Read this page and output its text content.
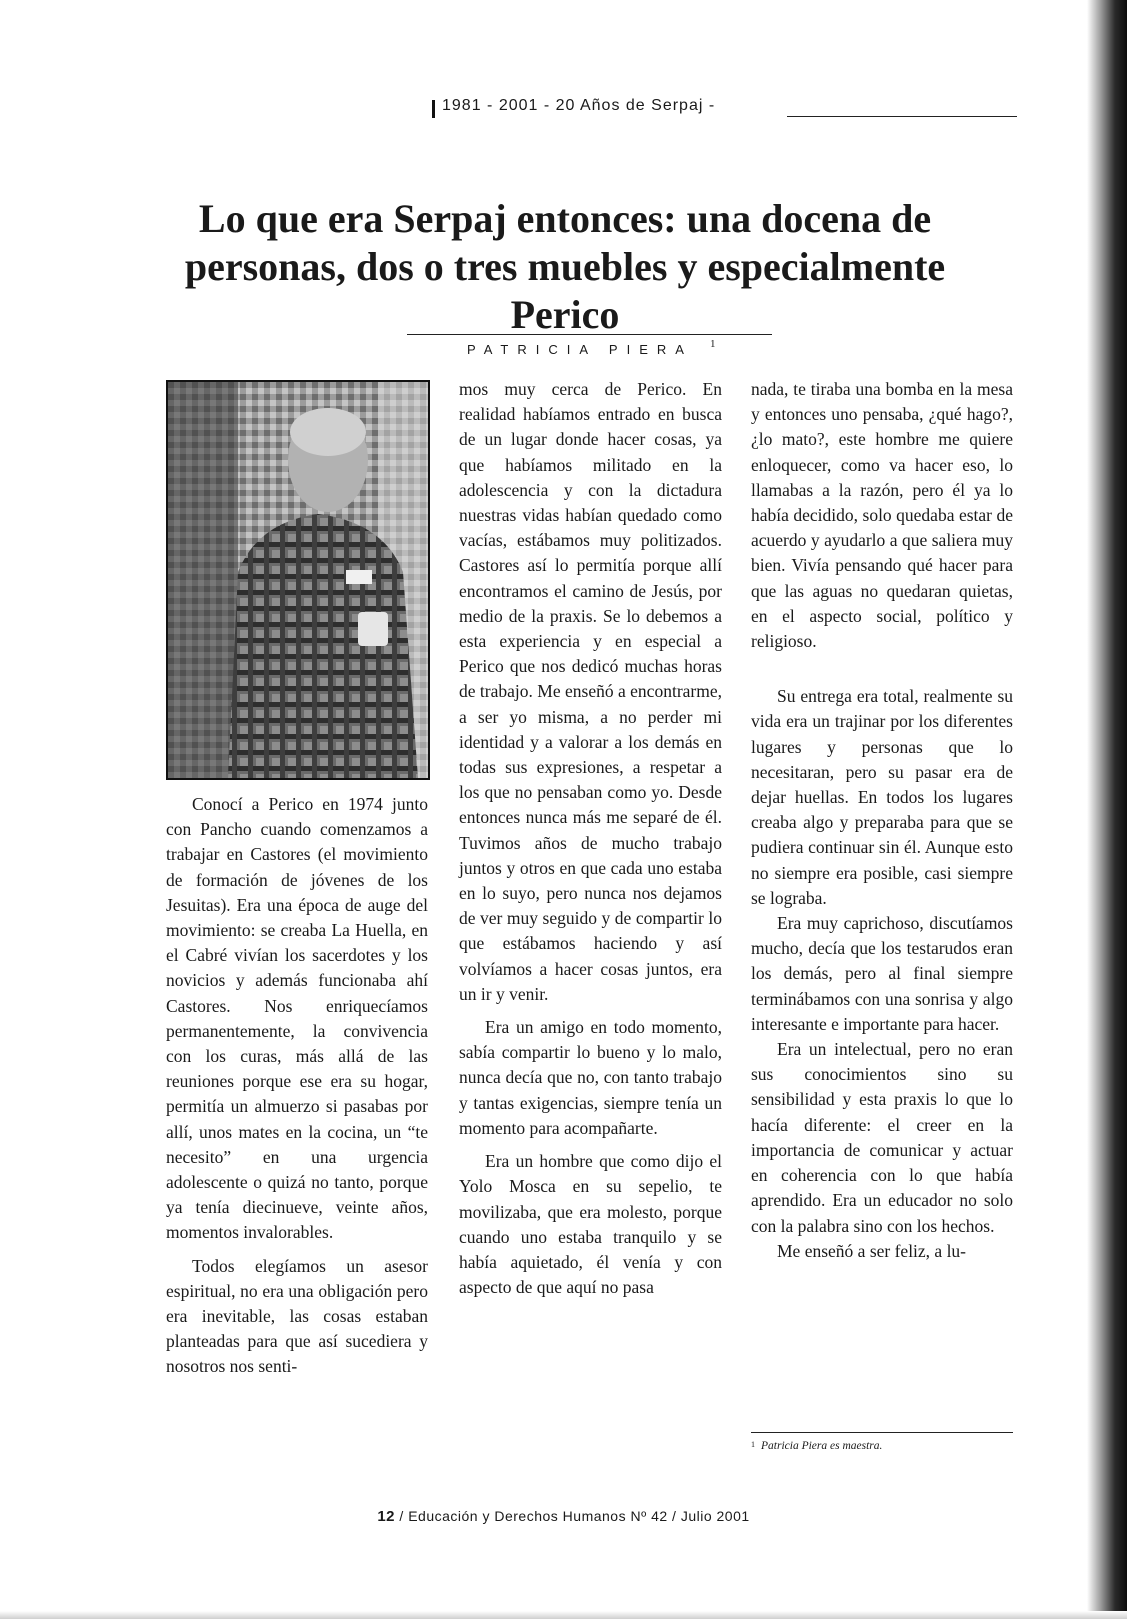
1981 - 2001 - 20 Años de Serpaj -
Lo que era Serpaj entonces: una docena de personas, dos o tres muebles y especialmente Perico
PATRICIA PIERA 1

Conocí a Perico en 1974 junto con Pancho cuando comenzamos a trabajar en Castores (el movimiento de formación de jóvenes de los Jesuitas). Era una época de auge del movimiento: se creaba La Huella, en el Cabré vivían los sacerdotes y los novicios y además funcionaba ahí Castores. Nos enriquecíamos permanentemente, la convivencia con los curas, más allá de las reuniones porque ese era su hogar, permitía un almuerzo si pasabas por allí, unos mates en la cocina, un “te necesito” en una urgencia adolescente o quizá no tanto, porque ya tenía diecinueve, veinte años, momentos invalorables.

Todos elegíamos un asesor espiritual, no era una obligación pero era inevitable, las cosas estaban planteadas para que así sucediera y nosotros nos senti-

mos muy cerca de Perico. En realidad habíamos entrado en busca de un lugar donde hacer cosas, ya que habíamos militado en la adolescencia y con la dictadura nuestras vidas habían quedado como vacías, estábamos muy politizados. Castores así lo permitía porque allí encontramos el camino de Jesús, por medio de la praxis. Se lo debemos a esta experiencia y en especial a Perico que nos dedicó muchas horas de trabajo. Me enseñó a encontrarme, a ser yo misma, a no perder mi identidad y a valorar a los demás en todas sus expresiones, a respetar a los que no pensaban como yo. Desde entonces nunca más me separé de él. Tuvimos años de mucho trabajo juntos y otros en que cada uno estaba en lo suyo, pero nunca nos dejamos de ver muy seguido y de compartir lo que estábamos haciendo y así volvíamos a hacer cosas juntos, era un ir y venir.

Era un amigo en todo momento, sabía compartir lo bueno y lo malo, nunca decía que no, con tanto trabajo y tantas exigencias, siempre tenía un momento para acompañarte.

Era un hombre que como dijo el Yolo Mosca en su sepelio, te movilizaba, que era molesto, porque cuando uno estaba tranquilo y se había aquietado, él venía y con aspecto de que aquí no pasa

nada, te tiraba una bomba en la mesa y entonces uno pensaba, ¿qué hago?, ¿lo mato?, este hombre me quiere enloquecer, como va hacer eso, lo llamabas a la razón, pero él ya lo había decidido, solo quedaba estar de acuerdo y ayudarlo a que saliera muy bien. Vivía pensando qué hacer para que las aguas no quedaran quietas, en el aspecto social, político y religioso.

Su entrega era total, realmente su vida era un trajinar por los diferentes lugares y personas que lo necesitaran, pero su pasar era de dejar huellas. En todos los lugares creaba algo y preparaba para que se pudiera continuar sin él. Aunque esto no siempre era posible, casi siempre se lograba.

Era muy caprichoso, discutíamos mucho, decía que los testarudos eran los demás, pero al final siempre terminábamos con una sonrisa y algo interesante e importante para hacer.

Era un intelectual, pero no eran sus conocimientos sino su sensibilidad y esta praxis lo que lo hacía diferente: el creer en la importancia de comunicar y actuar en coherencia con lo que había aprendido. Era un educador no solo con la palabra sino con los hechos.

Me enseñó a ser feliz, a lu-

$^1$ Patricia Piera es maestra.
12 / Educación y Derechos Humanos Nº 42 / Julio 2001
